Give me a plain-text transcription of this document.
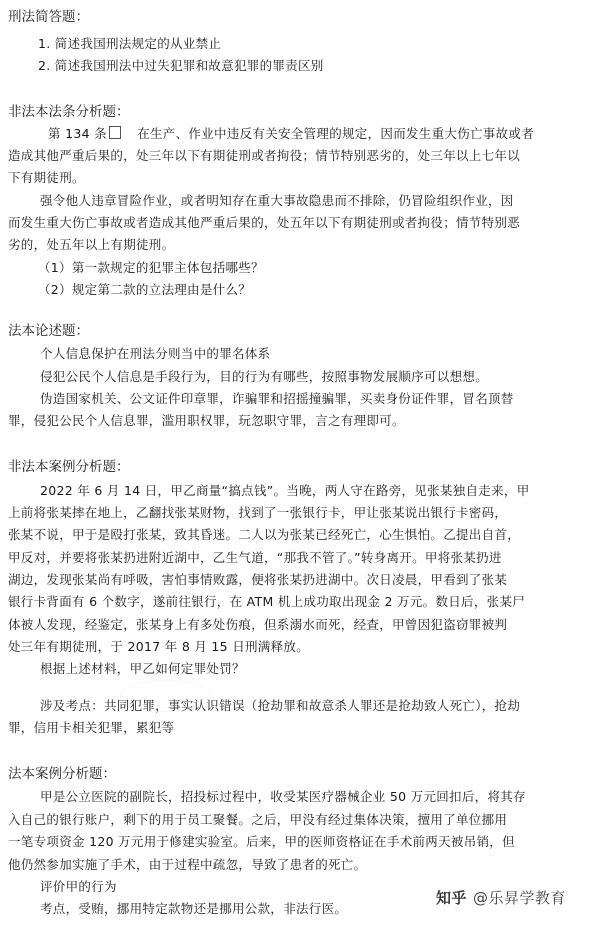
刑法简答题：
1. 简述我国刑法规定的从业禁止
2. 简述我国刑法中过失犯罪和故意犯罪的罪责区别
非法本法条分析题：
第 134 条 在生产、作业中违反有关安全管理的规定，因而发生重大伤亡事故或者
造成其他严重后果的，处三年以下有期徒刑或者拘役；情节特别恶劣的，处三年以上七年以
下有期徒刑。
强令他人违章冒险作业，或者明知存在重大事故隐患而不排除，仍冒险组织作业，因
而发生重大伤亡事故或者造成其他严重后果的，处五年以下有期徒刑或者拘役；情节特别恶
劣的，处五年以上有期徒刑。
（1）第一款规定的犯罪主体包括哪些？
（2）规定第二款的立法理由是什么？
法本论述题：
个人信息保护在刑法分则当中的罪名体系
侵犯公民个人信息是手段行为，目的行为有哪些，按照事物发展顺序可以想想。
伪造国家机关、公文证件印章罪，诈骗罪和招摇撞骗罪，买卖身份证件罪，冒名顶替
罪，侵犯公民个人信息罪，滥用职权罪，玩忽职守罪，言之有理即可。
非法本案例分析题：
2022 年 6 月 14 日，甲乙商量“搞点钱”。当晚，两人守在路旁，见张某独自走来，甲
上前将张某摔在地上，乙翻找张某财物，找到了一张银行卡，甲让张某说出银行卡密码，
张某不说，甲于是殴打张某，致其昏迷。二人以为张某已经死亡，心生惧怕。乙提出自首，
甲反对，并要将张某扔进附近湖中，乙生气道，“那我不管了。”转身离开。甲将张某扔进
湖边，发现张某尚有呼吸，害怕事情败露，便将张某扔进湖中。次日凌晨，甲看到了张某
银行卡背面有 6 个数字，遂前往银行，在 ATM 机上成功取出现金 2 万元。数日后，张某尸
体被人发现，经鉴定，张某身上有多处伤痕，但系溺水而死，经查，甲曾因犯盗窃罪被判
处三年有期徒刑，于 2017 年 8 月 15 日刑满释放。
根据上述材料，甲乙如何定罪处罚？
涉及考点：共同犯罪，事实认识错误（抢劫罪和故意杀人罪还是抢劫致人死亡），抢劫
罪，信用卡相关犯罪，累犯等
法本案例分析题：
甲是公立医院的副院长，招投标过程中，收受某医疗器械企业 50 万元回扣后，将其存
入自己的银行账户，剩下的用于员工聚餐。之后，甲没有经过集体决策，擅用了单位挪用
一笔专项资金 120 万元用于修建实验室。后来，甲的医师资格证在手术前两天被吊销，但
他仍然参加实施了手术，由于过程中疏忽，导致了患者的死亡。
评价甲的行为
考点，受贿，挪用特定款物还是挪用公款，非法行医。
知乎 @乐昇学教育
